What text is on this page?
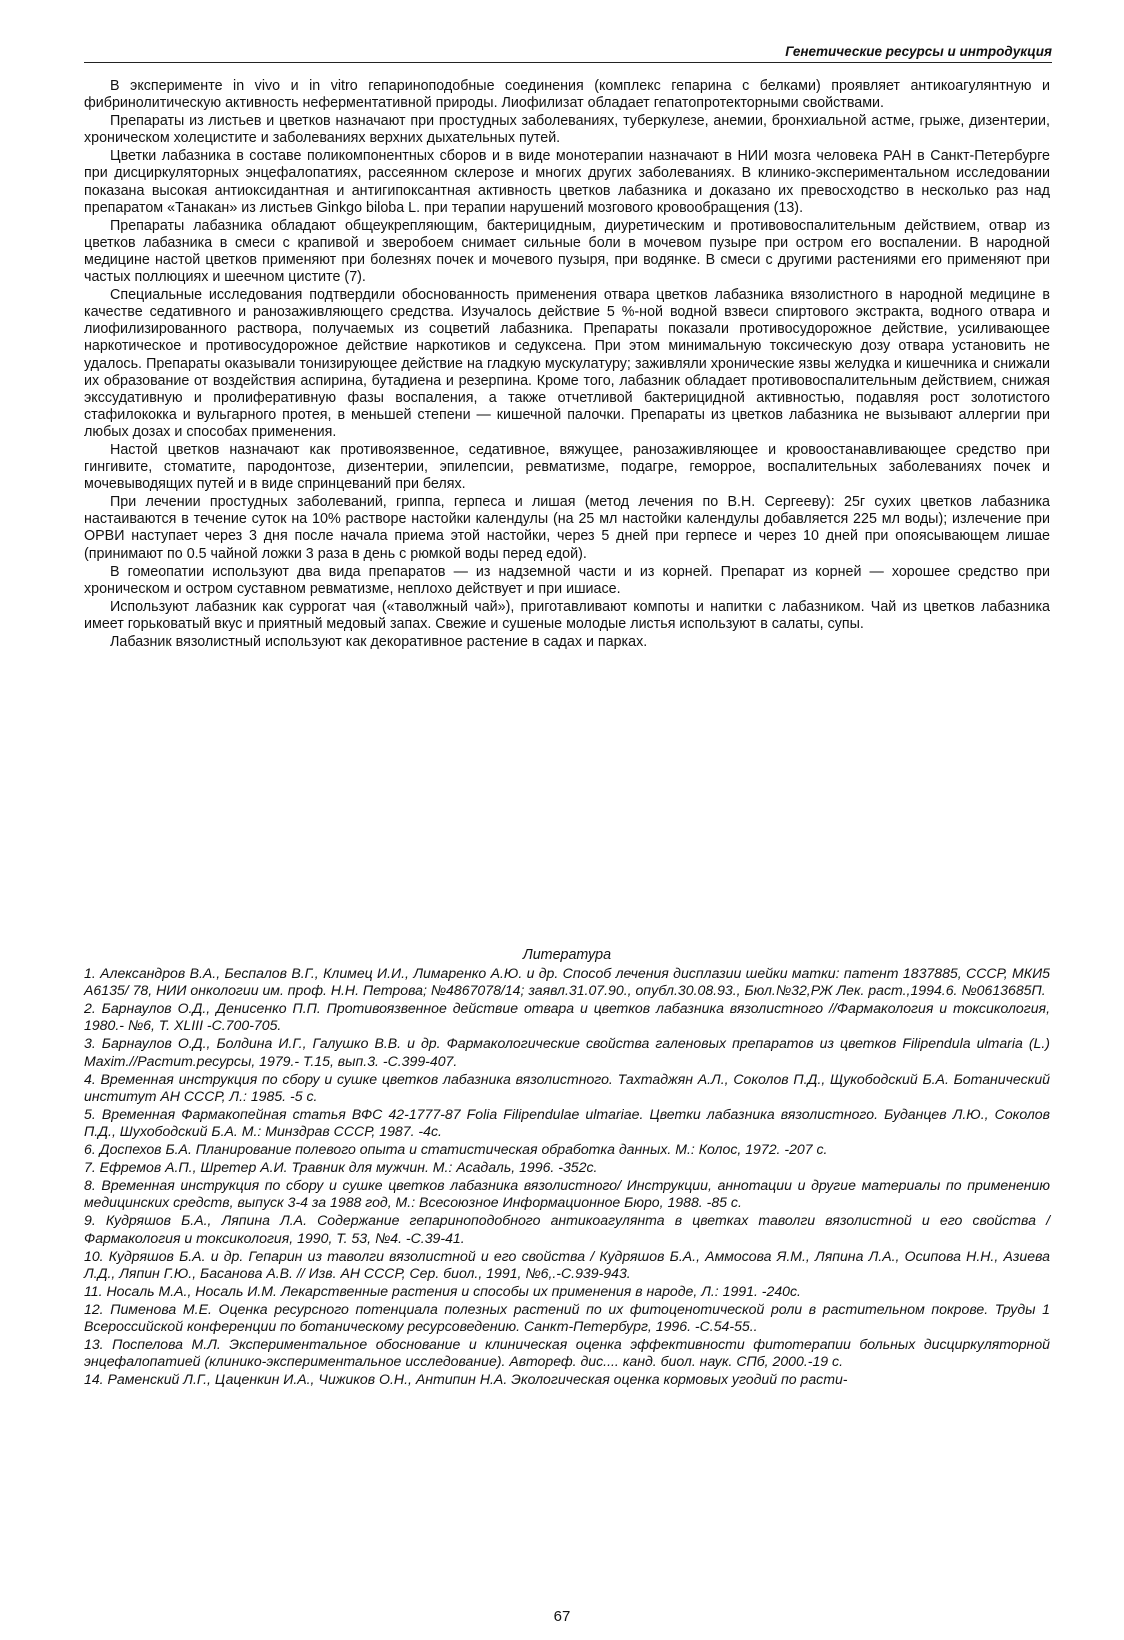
Генетические ресурсы и интродукция

В эксперименте in vivo и in vitro гепариноподобные соединения (комплекс гепарина с белками) проявляет антикоагулянтную и фибринолитическую активность неферментативной природы. Лиофилизат обладает гепатопротекторными свойствами.

Препараты из листьев и цветков назначают при простудных заболеваниях, туберкулезе, анемии, бронхиальной астме, грыже, дизентерии, хроническом холецистите и заболеваниях верхних дыхательных путей.

Цветки лабазника в составе поликомпонентных сборов и в виде монотерапии назначают в НИИ мозга человека РАН в Санкт-Петербурге при дисциркуляторных энцефалопатиях, рассеянном склерозе и многих других заболеваниях. В клинико-экспериментальном исследовании показана высокая антиоксидантная и антигипоксантная активность цветков лабазника и доказано их превосходство в несколько раз над препаратом «Танакан» из листьев Ginkgo biloba L. при терапии нарушений мозгового кровообращения (13).

Препараты лабазника обладают общеукрепляющим, бактерицидным, диуретическим и противовоспалительным действием, отвар из цветков лабазника в смеси с крапивой и зверобоем снимает сильные боли в мочевом пузыре при остром его воспалении. В народной медицине настой цветков применяют при болезнях почек и мочевого пузыря, при водянке. В смеси с другими растениями его применяют при частых поллюциях и шеечном цистите (7).

Специальные исследования подтвердили обоснованность применения отвара цветков лабазника вязолистного в народной медицине в качестве седативного и ранозаживляющего средства. Изучалось действие 5 %-ной водной взвеси спиртового экстракта, водного отвара и лиофилизированного раствора, получаемых из соцветий лабазника. Препараты показали противосудорожное действие, усиливающее наркотическое и противосудорожное действие наркотиков и седуксена. При этом минимальную токсическую дозу отвара установить не удалось. Препараты оказывали тонизирующее действие на гладкую мускулатуру; заживляли хронические язвы желудка и кишечника и снижали их образование от воздействия аспирина, бутадиена и резерпина. Кроме того, лабазник обладает противовоспалительным действием, снижая экссудативную и пролиферативную фазы воспаления, а также отчетливой бактерицидной активностью, подавляя рост золотистого стафилококка и вульгарного протея, в меньшей степени — кишечной палочки. Препараты из цветков лабазника не вызывают аллергии при любых дозах и способах применения.

Настой цветков назначают как противоязвенное, седативное, вяжущее, ранозаживляющее и кровоостанавливающее средство при гингивите, стоматите, пародонтозе, дизентерии, эпилепсии, ревматизме, подагре, геморрое, воспалительных заболеваниях почек и мочевыводящих путей и в виде спринцеваний при белях.

При лечении простудных заболеваний, гриппа, герпеса и лишая (метод лечения по В.Н. Сергееву): 25г сухих цветков лабазника настаиваются в течение суток на 10% растворе настойки календулы (на 25 мл настойки календулы добавляется 225 мл воды); излечение при ОРВИ наступает через 3 дня после начала приема этой настойки, через 5 дней при герпесе и через 10 дней при опоясывающем лишае (принимают по 0.5 чайной ложки 3 раза в день с рюмкой воды перед едой).

В гомеопатии используют два вида препаратов — из надземной части и из корней. Препарат из корней — хорошее средство при хроническом и остром суставном ревматизме, неплохо действует и при ишиасе.

Используют лабазник как суррогат чая («таволжный чай»), приготавливают компоты и напитки с лабазником. Чай из цветков лабазника имеет горьковатый вкус и приятный медовый запах. Свежие и сушеные молодые листья используют в салаты, супы.

Лабазник вязолистный используют как декоративное растение в садах и парках.

Литература

1. Александров В.А., Беспалов В.Г., Климец И.И., Лимаренко А.Ю. и др. Способ лечения дисплазии шейки матки: патент 1837885, СССР, МКИ5 А6135/ 78, НИИ онкологии им. проф. Н.Н. Петрова; №4867078/14; заявл.31.07.90., опубл.30.08.93., Бюл.№32,РЖ Лек. раст.,1994.6. №0613685П.

2. Барнаулов О.Д., Денисенко П.П. Противоязвенное действие отвара и цветков лабазника вязолистного //Фармакология и токсикология, 1980.- №6, Т. XLIII -С.700-705.

3. Барнаулов О.Д., Болдина И.Г., Галушко В.В. и др. Фармакологические свойства галеновых препаратов из цветков Filipendula ulmaria (L.) Maxim.//Растит.ресурсы, 1979.- Т.15, вып.3. -С.399-407.

4. Временная инструкция по сбору и сушке цветков лабазника вязолистного. Тахтаджян А.Л., Соколов П.Д., Щукободский Б.А. Ботанический институт АН СССР, Л.: 1985. -5 с.

5. Временная Фармакопейная статья ВФС 42-1777-87 Folia Filipendulae ulmariae. Цветки лабазника вязолистного. Буданцев Л.Ю., Соколов П.Д., Шухободский Б.А. М.: Минздрав СССР, 1987. -4с.

6. Доспехов Б.А. Планирование полевого опыта и статистическая обработка данных. М.: Колос, 1972. -207 с.

7. Ефремов А.П., Шретер А.И. Травник для мужчин. М.: Асадаль, 1996. -352с.

8. Временная инструкция по сбору и сушке цветков лабазника вязолистного/ Инструкции, аннотации и другие материалы по применению медицинских средств, выпуск 3-4 за 1988 год, М.: Всесоюзное Информационное Бюро, 1988. -85 с.

9. Кудряшов Б.А., Ляпина Л.А. Содержание гепариноподобного антикоагулянта в цветках таволги вязолистной и его свойства / Фармакология и токсикология, 1990, Т. 53, №4. -С.39-41.

10. Кудряшов Б.А. и др. Гепарин из таволги вязолистной и его свойства / Кудряшов Б.А., Аммосова Я.М., Ляпина Л.А., Осипова Н.Н., Азиева Л.Д., Ляпин Г.Ю., Басанова А.В. // Изв. АН СССР, Сер. биол., 1991, №6,.-С.939-943.

11. Носаль М.А., Носаль И.М. Лекарственные растения и способы их применения в народе, Л.: 1991. -240с.

12. Пименова М.Е. Оценка ресурсного потенциала полезных растений по их фитоценотической роли в растительном покрове. Труды 1 Всероссийской конференции по ботаническому ресурсоведению. Санкт-Петербург, 1996. -С.54-55..

13. Поспелова М.Л. Экспериментальное обоснование и клиническая оценка эффективности фитотерапии больных дисциркуляторной энцефалопатией (клинико-экспериментальное исследование). Автореф. дис.... канд. биол. наук. СПб, 2000.-19 с.

14. Раменский Л.Г., Цаценкин И.А., Чижиков О.Н., Антипин Н.А. Экологическая оценка кормовых угодий по расти-

67
